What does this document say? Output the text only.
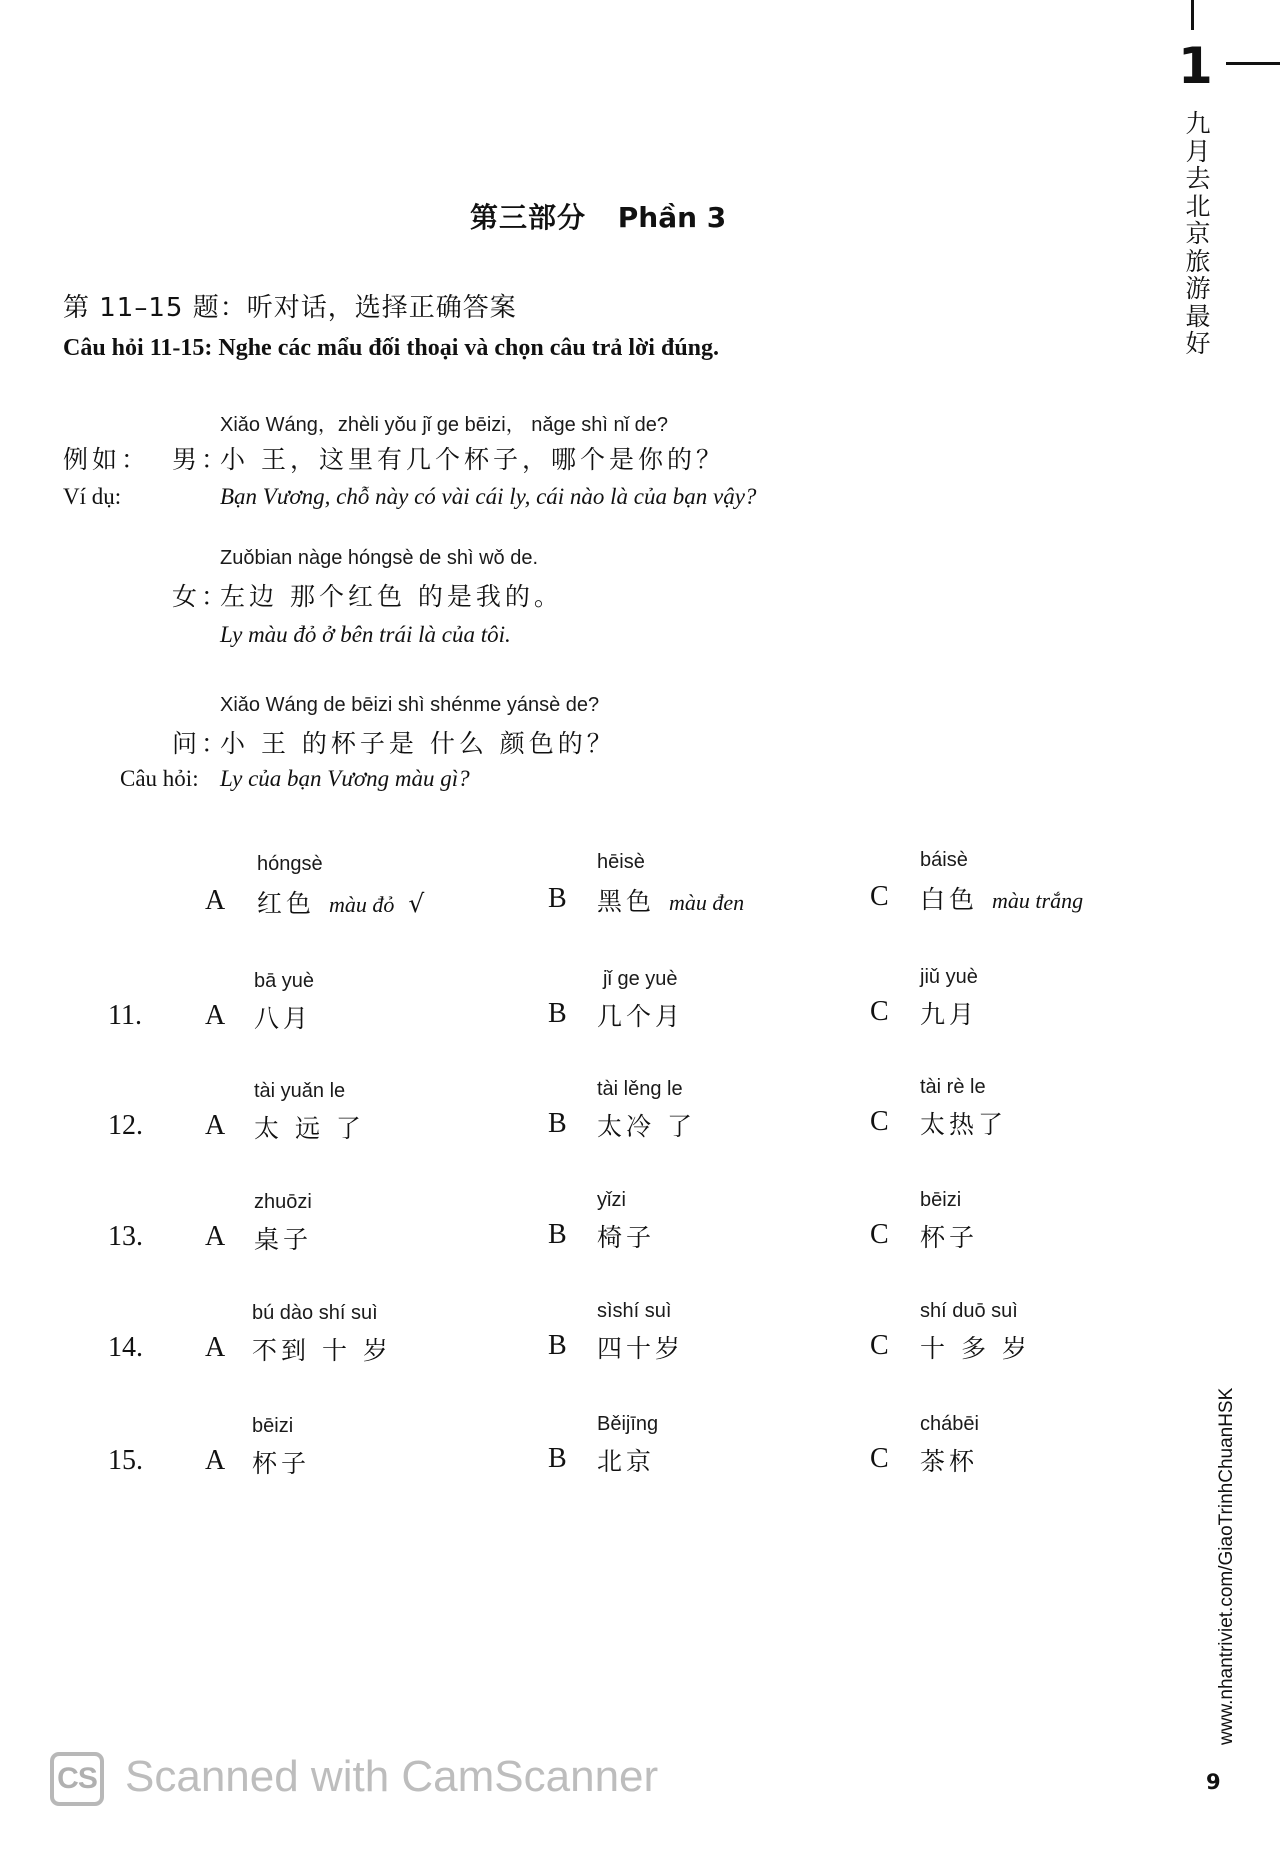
1
九月去北京旅游最好
www.nhantriviet.com/GiaoTrinhChuanHSK
9
第三部分 Phần 3
第 11–15 题：听对话，选择正确答案
Câu hỏi 11-15: Nghe các mẩu đối thoại và chọn câu trả lời đúng.
Xiǎo Wáng，zhèli yǒu jǐ ge bēizi， nǎge shì nǐ de?
例如： 男：
小 王，这里有几个杯子，哪个是你的？
Ví dụ:	Bạn Vương, chỗ này có vài cái ly, cái nào là của bạn vậy?
Zuǒbian nàge hóngsè de shì wǒ de.
女：
左边 那个红色 的是我的。
Ly màu đỏ ở bên trái là của tôi.
Xiǎo Wáng de bēizi shì shénme yánsè de?
问：
小 王 的杯子是 什么 颜色的？
Câu hỏi: Ly của bạn Vương màu gì?
A
hóngsè
红色 màu đỏ √	B
hēisè
黑色 màu đen	C
báisè
白色 màu trắng
11. A
bā yuè
八月	B
jǐ ge yuè
几个月	C
jiǔ yuè
九月
12. A
tài yuǎn le
太 远 了	B
tài lěng le
太冷 了	C
tài rè le
太热了
13. A
zhuōzi
桌子	B
yǐzi
椅子	C
bēizi
杯子
14. A
bú dào shí suì
不到 十 岁	B
sìshí suì
四十岁	C
shí duō suì
十 多 岁
15. A
bēizi
杯子	B
Běijīng
北京	C
chábēi
茶杯
CS Scanned with CamScanner
